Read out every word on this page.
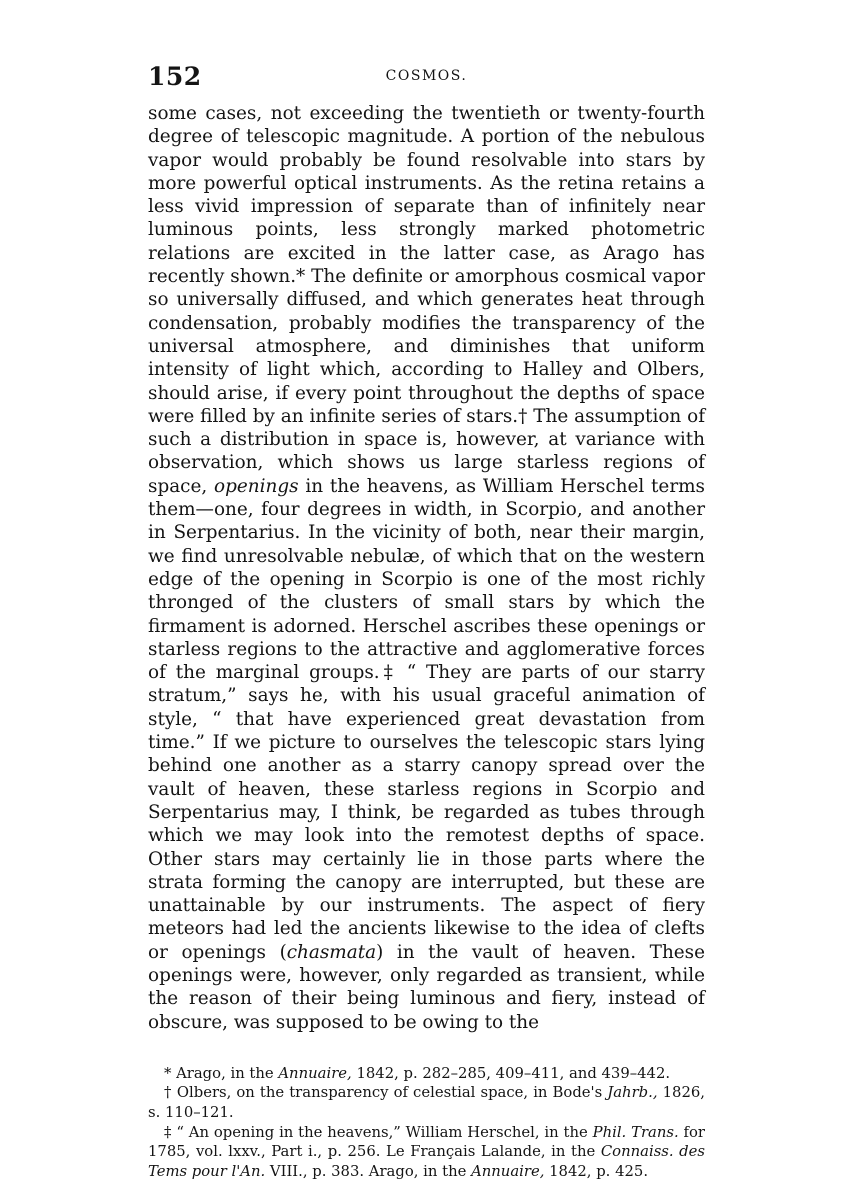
152	COSMOS.

some cases, not exceeding the twentieth or twenty-fourth degree of telescopic magnitude. A portion of the nebulous vapor would probably be found resolvable into stars by more powerful optical instruments. As the retina retains a less vivid impression of separate than of infinitely near luminous points, less strongly marked photometric relations are excited in the latter case, as Arago has recently shown.* The definite or amorphous cosmical vapor so universally diffused, and which generates heat through condensation, probably modifies the transparency of the universal atmosphere, and diminishes that uniform intensity of light which, according to Halley and Olbers, should arise, if every point throughout the depths of space were filled by an infinite series of stars.† The assumption of such a distribution in space is, however, at variance with observation, which shows us large starless regions of space, openings in the heavens, as William Herschel terms them—one, four degrees in width, in Scorpio, and another in Serpentarius. In the vicinity of both, near their margin, we find unresolvable nebulæ, of which that on the western edge of the opening in Scorpio is one of the most richly thronged of the clusters of small stars by which the firmament is adorned. Herschel ascribes these openings or starless regions to the attractive and agglomerative forces of the marginal groups.‡ “ They are parts of our starry stratum,” says he, with his usual graceful animation of style, “ that have experienced great devastation from time.” If we picture to ourselves the telescopic stars lying behind one another as a starry canopy spread over the vault of heaven, these starless regions in Scorpio and Serpentarius may, I think, be regarded as tubes through which we may look into the remotest depths of space. Other stars may certainly lie in those parts where the strata forming the canopy are interrupted, but these are unattainable by our instruments. The aspect of fiery meteors had led the ancients likewise to the idea of clefts or openings (chasmata) in the vault of heaven. These openings were, however, only regarded as transient, while the reason of their being luminous and fiery, instead of obscure, was supposed to be owing to the

* Arago, in the Annuaire, 1842, p. 282–285, 409–411, and 439–442.

† Olbers, on the transparency of celestial space, in Bode's Jahrb., 1826, s. 110–121.

‡ “ An opening in the heavens,” William Herschel, in the Phil. Trans. for 1785, vol. lxxv., Part i., p. 256. Le Français Lalande, in the Connaiss. des Tems pour l'An. VIII., p. 383. Arago, in the Annuaire, 1842, p. 425.
